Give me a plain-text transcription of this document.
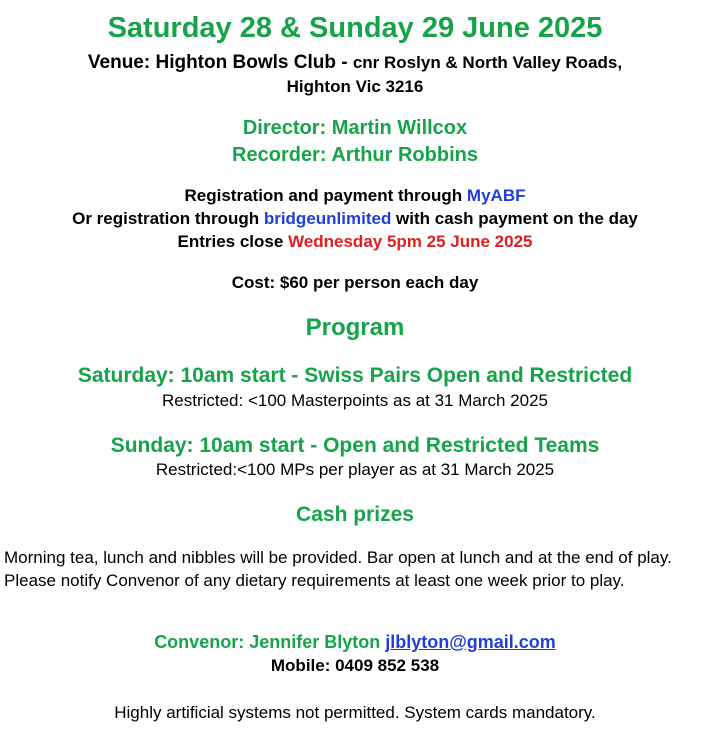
Saturday 28 & Sunday 29 June 2025
Venue: Highton Bowls Club - cnr Roslyn & North Valley Roads,
Highton Vic 3216
Director: Martin Willcox
Recorder: Arthur Robbins
Registration and payment through MyABF
Or registration through bridgeunlimited with cash payment on the day
Entries close Wednesday 5pm 25 June 2025
Cost: $60 per person each day
Program
Saturday: 10am start - Swiss Pairs Open and Restricted
Restricted: <100 Masterpoints as at 31 March 2025
Sunday: 10am start - Open and Restricted Teams
Restricted:<100 MPs per player as at 31 March 2025
Cash prizes
Morning tea, lunch and nibbles will be provided. Bar open at lunch and at the end of play. Please notify Convenor of any dietary requirements at least one week prior to play.
Convenor: Jennifer Blyton jlblyton@gmail.com
Mobile: 0409 852 538
Highly artificial systems not permitted. System cards mandatory.
